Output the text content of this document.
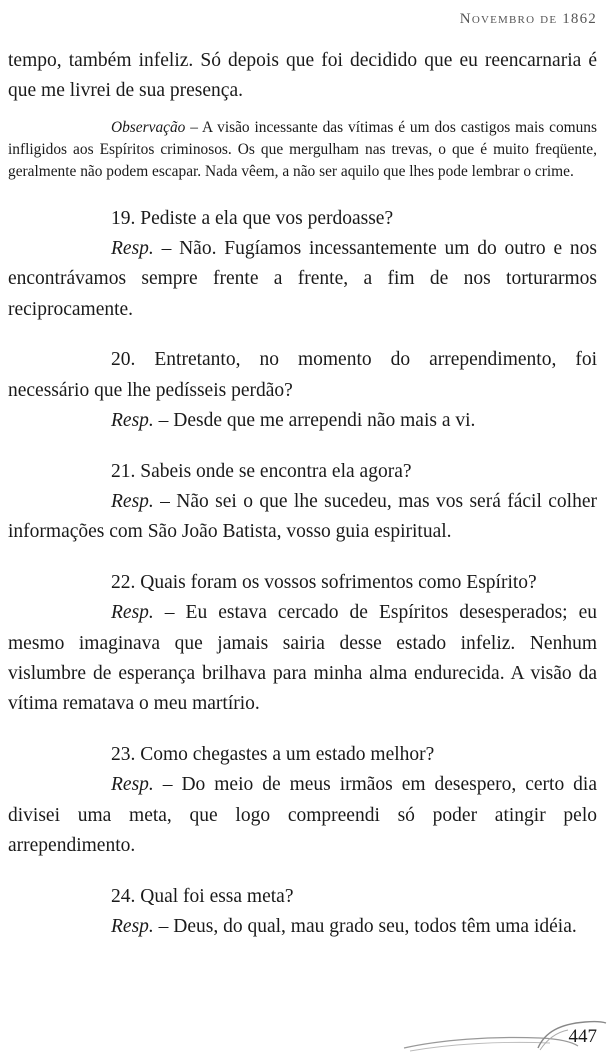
Novembro de 1862

tempo, também infeliz. Só depois que foi decidido que eu reencarnaria é que me livrei de sua presença.

Observação – A visão incessante das vítimas é um dos castigos mais comuns infligidos aos Espíritos criminosos. Os que mergulham nas trevas, o que é muito freqüente, geralmente não podem escapar. Nada vêem, a não ser aquilo que lhes pode lembrar o crime.

19. Pediste a ela que vos perdoasse?

Resp. – Não. Fugíamos incessantemente um do outro e nos encontrávamos sempre frente a frente, a fim de nos torturarmos reciprocamente.

20. Entretanto, no momento do arrependimento, foi necessário que lhe pedísseis perdão?

Resp. – Desde que me arrependi não mais a vi.

21. Sabeis onde se encontra ela agora?

Resp. – Não sei o que lhe sucedeu, mas vos será fácil colher informações com São João Batista, vosso guia espiritual.

22. Quais foram os vossos sofrimentos como Espírito?

Resp. – Eu estava cercado de Espíritos desesperados; eu mesmo imaginava que jamais sairia desse estado infeliz. Nenhum vislumbre de esperança brilhava para minha alma endurecida. A visão da vítima rematava o meu martírio.

23. Como chegastes a um estado melhor?

Resp. – Do meio de meus irmãos em desespero, certo dia divisei uma meta, que logo compreendi só poder atingir pelo arrependimento.

24. Qual foi essa meta?

Resp. – Deus, do qual, mau grado seu, todos têm uma idéia.

447
